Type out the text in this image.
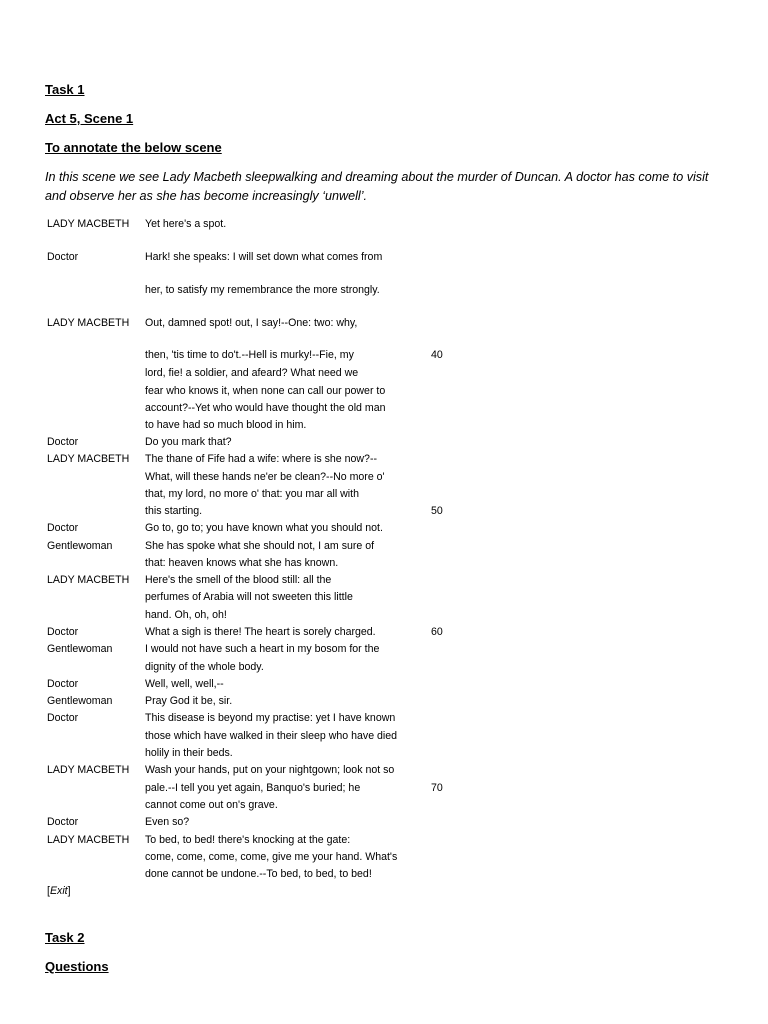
Task 1
Act 5, Scene 1
To annotate the below scene
In this scene we see Lady Macbeth sleepwalking and dreaming about the murder of Duncan. A doctor has come to visit and observe her as she has become increasingly ‘unwell’.
LADY MACBETH Yet here's a spot.
Doctor	Hark! she speaks: I will set down what comes from
her, to satisfy my remembrance the more strongly.
LADY MACBETH Out, damned spot! out, I say!--One: two: why,
then, 'tis time to do't.--Hell is murky!--Fie, my	40
lord, fie! a soldier, and afeard? What need we
fear who knows it, when none can call our power to
account?--Yet who would have thought the old man
to have had so much blood in him.
Doctor	Do you mark that?
LADY MACBETH The thane of Fife had a wife: where is she now?--
What, will these hands ne'er be clean?--No more o'
that, my lord, no more o' that: you mar all with
this starting.	50
Doctor	Go to, go to; you have known what you should not.
Gentlewoman	She has spoke what she should not, I am sure of
that: heaven knows what she has known.
LADY MACBETH Here's the smell of the blood still: all the
perfumes of Arabia will not sweeten this little
hand. Oh, oh, oh!
Doctor	What a sigh is there! The heart is sorely charged.	60
Gentlewoman	I would not have such a heart in my bosom for the
dignity of the whole body.
Doctor	Well, well, well,--
Gentlewoman	Pray God it be, sir.
Doctor	This disease is beyond my practise: yet I have known
those which have walked in their sleep who have died
holily in their beds.
LADY MACBETH Wash your hands, put on your nightgown; look not so
pale.--I tell you yet again, Banquo's buried; he	70
cannot come out on's grave.
Doctor	Even so?
LADY MACBETH To bed, to bed! there's knocking at the gate:
come, come, come, come, give me your hand. What's
done cannot be undone.--To bed, to bed, to bed!
[Exit]
Task 2
Questions
